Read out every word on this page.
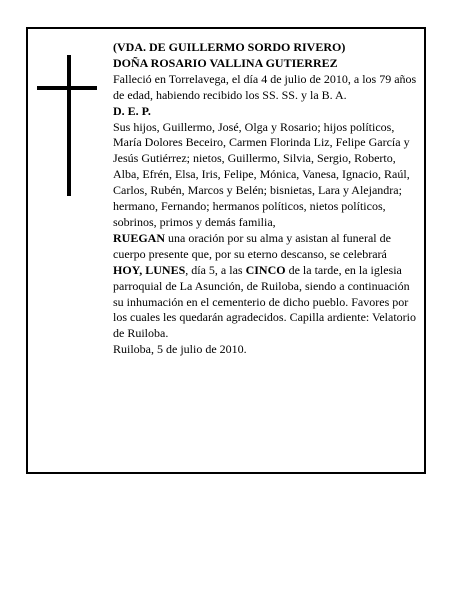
(VDA. DE GUILLERMO SORDO RIVERO)

DOÑA ROSARIO VALLINA GUTIERREZ

Falleció en Torrelavega, el día 4 de julio de 2010, a los 79 años de edad, habiendo recibido los SS. SS. y la B. A.

D. E. P.

Sus hijos, Guillermo, José, Olga y Rosario; hijos políticos, María Dolores Beceiro, Carmen Florinda Liz, Felipe García y Jesús Gutiérrez; nietos, Guillermo, Silvia, Sergio, Roberto, Alba, Efrén, Elsa, Iris, Felipe, Mónica, Vanesa, Ignacio, Raúl, Carlos, Rubén, Marcos y Belén; bisnietas, Lara y Alejandra; hermano, Fernando; hermanos políticos, nietos políticos, sobrinos, primos y demás familia,

RUEGAN una oración por su alma y asistan al funeral de cuerpo presente que, por su eterno descanso, se celebrará HOY, LUNES, día 5, a las CINCO de la tarde, en la iglesia parroquial de La Asunción, de Ruiloba, siendo a continuación su inhumación en el cementerio de dicho pueblo. Favores por los cuales les quedarán agradecidos. Capilla ardiente: Velatorio de Ruiloba.

Ruiloba, 5 de julio de 2010.
